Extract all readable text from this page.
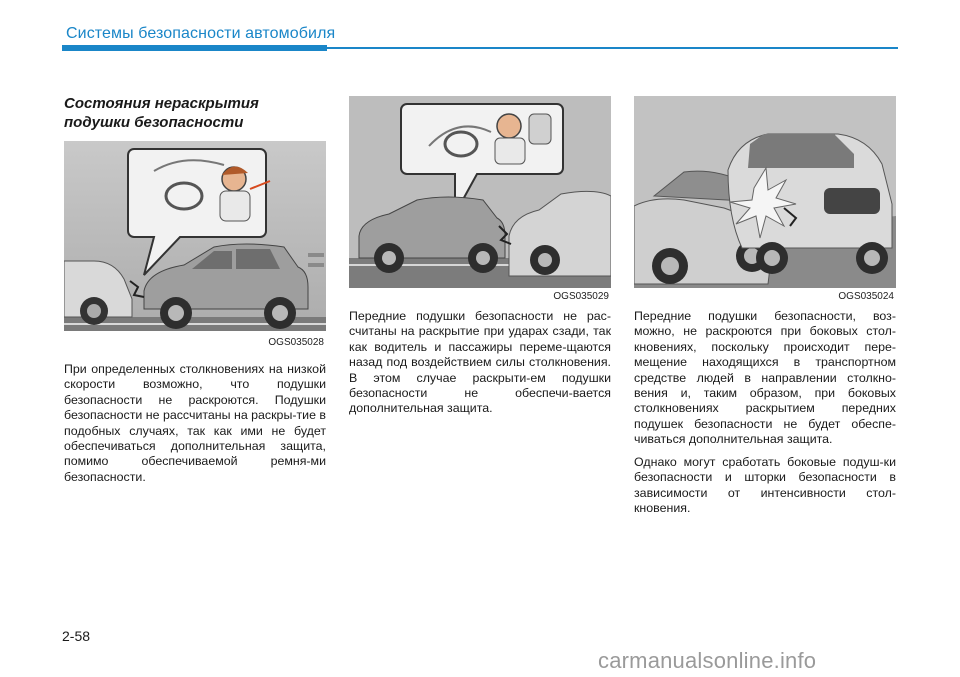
Системы безопасности автомобиля
Состояния нераскрытия подушки безопасности
OGS035028
OGS035029	OGS035024
При определенных столкновениях на низкой скорости возможно, что подушки безопасности не раскроются. Подушки безопасности не рассчитаны на раскры-тие в подобных случаях, так как ими не будет обеспечиваться дополнительная защита, помимо обеспечиваемой ремня-ми безопасности.
Передние подушки безопасности не рас-считаны на раскрытие при ударах сзади, так как водитель и пассажиры переме-щаются назад под воздействием силы столкновения. В этом случае раскрыти-ем подушки безопасности не обеспечи-вается дополнительная защита.
Передние подушки безопасности, воз-можно, не раскроются при боковых стол-кновениях, поскольку происходит пере-мещение находящихся в транспортном средстве людей в направлении столкно-вения и, таким образом, при боковых столкновениях раскрытием передних подушек безопасности не будет обеспе-чиваться дополнительная защита.
Однако могут сработать боковые подуш-ки безопасности и шторки безопасности в зависимости от интенсивности стол-кновения.
2-58
carmanualsonline.info
